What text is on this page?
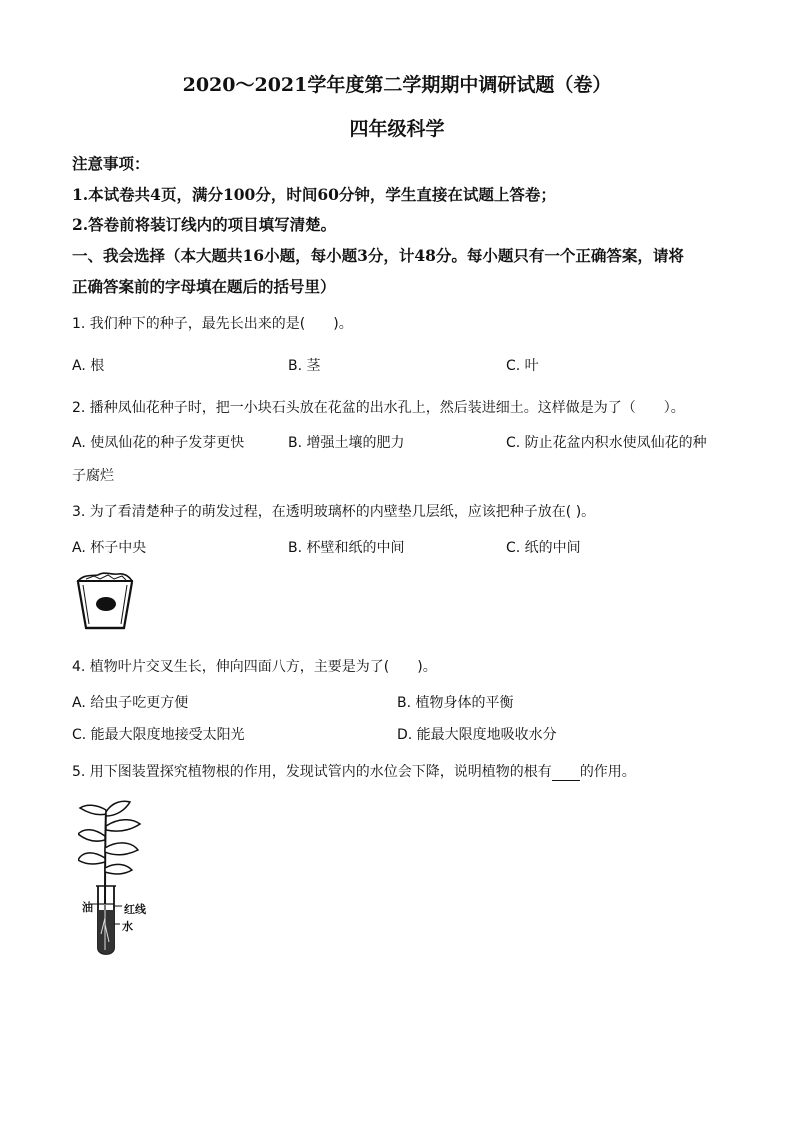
2020～2021学年度第二学期期中调研试题（卷）
四年级科学
注意事项：
1.本试卷共4页，满分100分，时间60分钟，学生直接在试题上答卷；
2.答卷前将装订线内的项目填写清楚。
一、我会选择（本大题共16小题，每小题3分，计48分。每小题只有一个正确答案，请将
正确答案前的字母填在题后的括号里）
1. 我们种下的种子，最先长出来的是(　　)。
A. 根	B. 茎	C. 叶
2. 播种凤仙花种子时，把一小块石头放在花盆的出水孔上，然后装进细土。这样做是为了（　　）。
A. 使凤仙花的种子发芽更快	B. 增强土壤的肥力	C. 防止花盆内积水使凤仙花的种
子腐烂
3. 为了看清楚种子的萌发过程，在透明玻璃杯的内壁垫几层纸，应该把种子放在( )。
A. 杯子中央	B. 杯壁和纸的中间	C. 纸的中间
4. 植物叶片交叉生长，伸向四面八方，主要是为了(　　)。
A. 给虫子吃更方便	B. 植物身体的平衡
C. 能最大限度地接受太阳光	D. 能最大限度地吸收水分
5. 用下图装置探究植物根的作用，发现试管内的水位会下降，说明植物的根有 的作用。
油	红线
水
